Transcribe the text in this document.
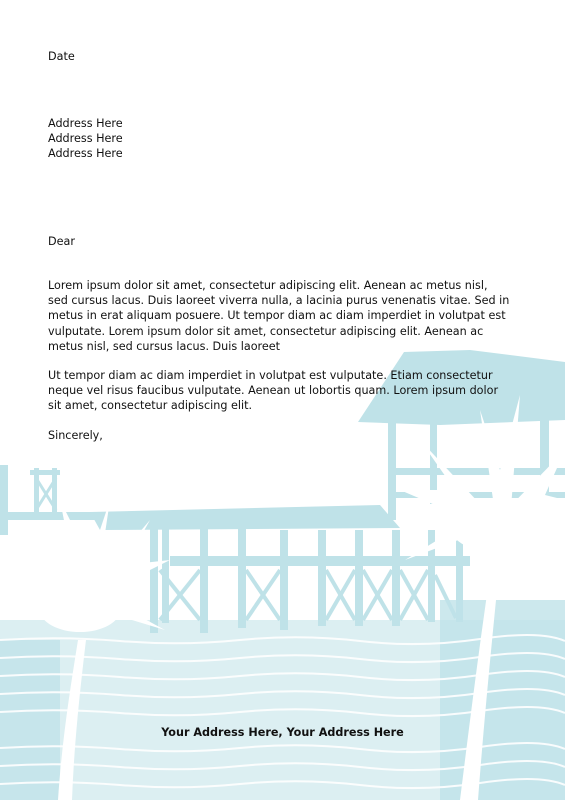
Date
Address Here
Address Here
Address Here
Dear
Lorem ipsum dolor sit amet, consectetur adipiscing elit. Aenean ac metus nisl, sed cursus lacus. Duis laoreet viverra nulla, a lacinia purus venenatis vitae. Sed in metus in erat aliquam posuere. Ut tempor diam ac diam imperdiet in volutpat est vulputate. Lorem ipsum dolor sit amet, consectetur adipiscing elit. Aenean ac metus nisl, sed cursus lacus. Duis laoreet
Ut tempor diam ac diam imperdiet in volutpat est vulputate. Etiam consectetur neque vel risus faucibus vulputate. Aenean ut lobortis quam. Lorem ipsum dolor sit amet, consectetur adipiscing elit.
Sincerely,
Your Address Here, Your Address Here
